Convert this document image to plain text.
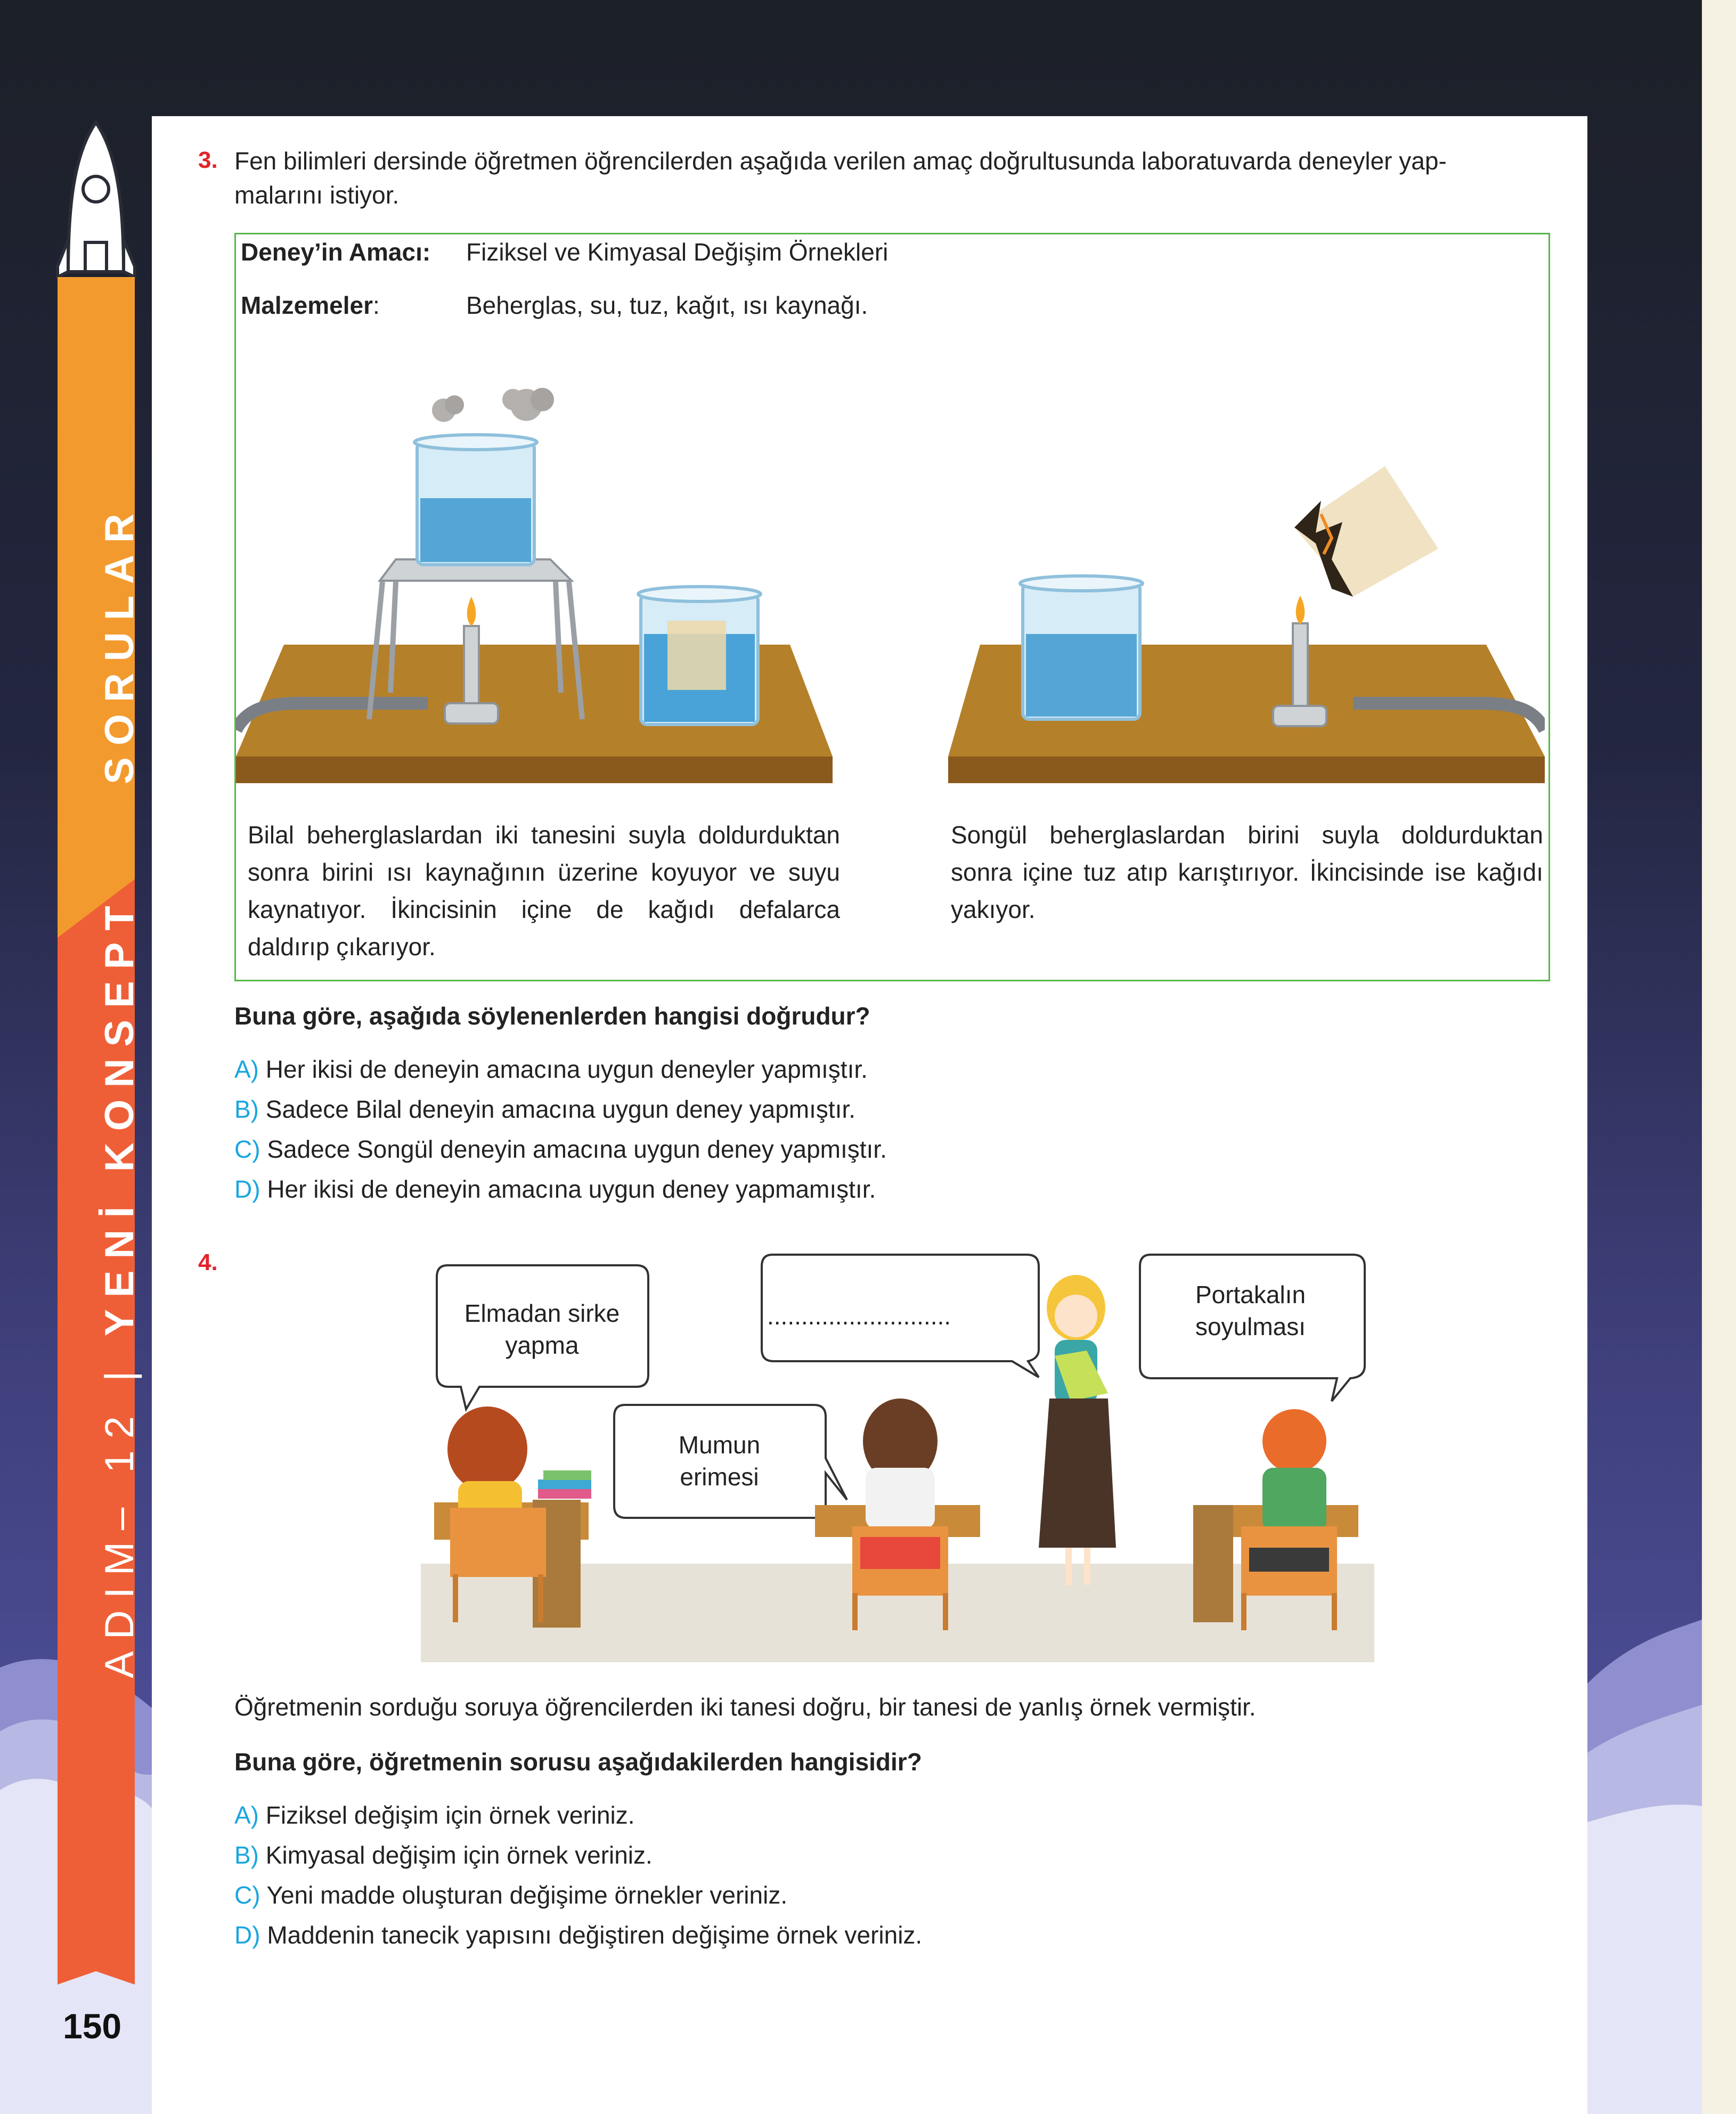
ADIM– 12 | YENİ KONSEPT  SORULAR
150
3. Fen bilimleri dersinde öğretmen öğrencilerden aşağıda verilen amaç doğrultusunda laboratuvarda deneyler yap-
malarını istiyor.
Deney’in Amacı: Fiziksel ve Kimyasal Değişim Örnekleri
Malzemeler:	Beherglas, su, tuz, kağıt, ısı kaynağı.
Bilal beherglaslardan iki tanesini suyla doldurduktan sonra birini ısı kaynağının üzerine koyuyor ve suyu kaynatıyor. İkincisinin içine de kağıdı defalarca daldırıp çıkarıyor.
Songül beherglaslardan birini suyla doldurduktan sonra içine tuz atıp karıştırıyor. İkincisinde ise kağıdı yakıyor.
Buna göre, aşağıda söylenenlerden hangisi doğrudur?
A) Her ikisi de deneyin amacına uygun deneyler yapmıştır.
B) Sadece Bilal deneyin amacına uygun deney yapmıştır.
C) Sadece Songül deneyin amacına uygun deney yapmıştır.
D) Her ikisi de deneyin amacına uygun deney yapmamıştır.
4.
Elmadan sirke
yapma
Mumun
erimesi
...........................
Portakalın
soyulması
Öğretmenin sorduğu soruya öğrencilerden iki tanesi doğru, bir tanesi de yanlış örnek vermiştir.
Buna göre, öğretmenin sorusu aşağıdakilerden hangisidir?
A) Fiziksel değişim için örnek veriniz.
B) Kimyasal değişim için örnek veriniz.
C) Yeni madde oluşturan değişime örnekler veriniz.
D) Maddenin tanecik yapısını değiştiren değişime örnek veriniz.
